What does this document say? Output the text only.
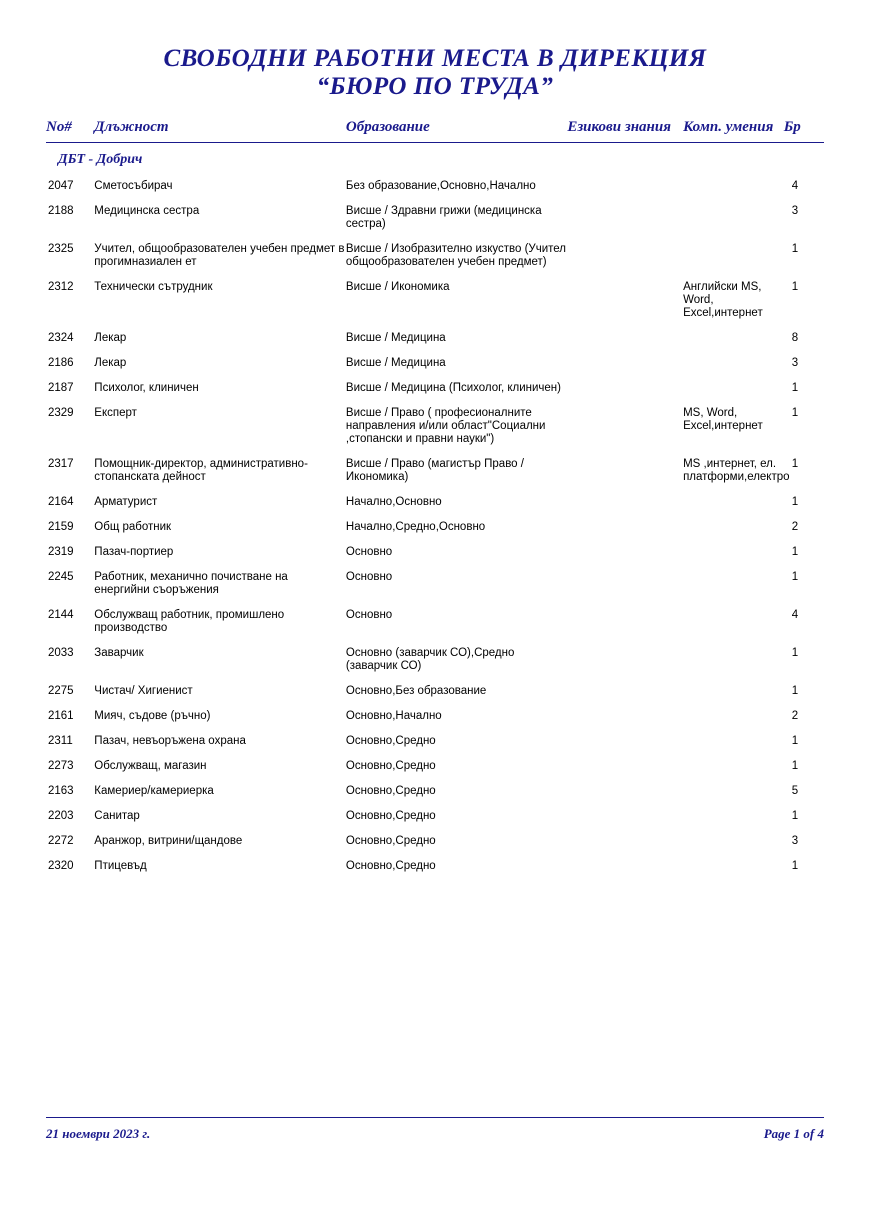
СВОБОДНИ РАБОТНИ МЕСТА В ДИРЕКЦИЯ
“БЮРО ПО ТРУДА”
No#	Длъжност	Образование	Езикови знания	Комп. умения	Бр
ДБТ - Добрич					
2047	Сметосъбирач	Без образование,Основно,Начално			4
2188	Медицинска сестра	Висше / Здравни грижи (медицинска сестра)			3
2325	Учител, общообразователен учебен предмет в прогимназиален ет	Висше / Изобразително изкуство (Учител общообразователен учебен предмет)			1
2312	Технически сътрудник	Висше / Икономика		Английски MS, Word, Excel,интернет	1
2324	Лекар	Висше / Медицина			8
2186	Лекар	Висше / Медицина			3
2187	Психолог, клиничен	Висше / Медицина (Психолог, клиничен)			1
2329	Експерт	Висше / Право ( професионалните направления и/или област"Социални ,стопански и правни науки")		MS, Word, Excel,интернет	1
2317	Помощник-директор, административно-стопанската дейност	Висше / Право (магистър Право /Икономика)		MS ,интернет, ел. платформи,електро	1
2164	Арматурист	Начално,Основно			1
2159	Общ работник	Начално,Средно,Основно			2
2319	Пазач-портиер	Основно			1
2245	Работник, механично почистване на енергийни съоръжения	Основно			1
2144	Обслужващ работник, промишлено производство	Основно			4
2033	Заварчик	Основно (заварчик СО),Средно (заварчик СО)			1
2275	Чистач/ Хигиенист	Основно,Без образование			1
2161	Мияч, съдове (ръчно)	Основно,Начално			2
2311	Пазач, невъоръжена охрана	Основно,Средно			1
2273	Обслужващ, магазин	Основно,Средно			1
2163	Камериер/камериерка	Основно,Средно			5
2203	Санитар	Основно,Средно			1
2272	Аранжор, витрини/щандове	Основно,Средно			3
2320	Птицевъд	Основно,Средно			1
21 ноември 2023 г.	Page 1 of 4
